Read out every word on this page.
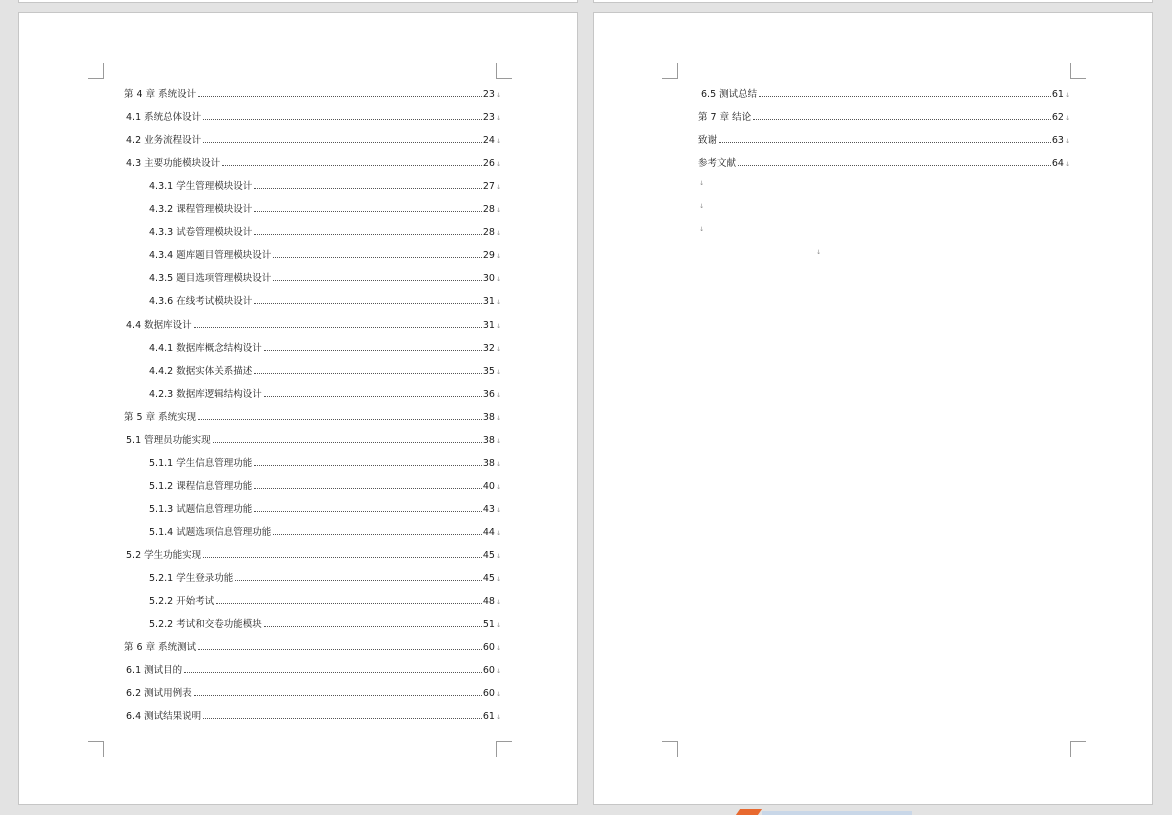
第 4 章 系统设计	23 ↓
4.1 系统总体设计	23 ↓
4.2 业务流程设计	24 ↓
4.3 主要功能模块设计	26 ↓
4.3.1 学生管理模块设计	27 ↓
4.3.2 课程管理模块设计	28 ↓
4.3.3 试卷管理模块设计	28 ↓
4.3.4 题库题目管理模块设计	29 ↓
4.3.5 题目选项管理模块设计	30 ↓
4.3.6 在线考试模块设计	31 ↓
4.4 数据库设计	31 ↓
4.4.1 数据库概念结构设计	32 ↓
4.4.2 数据实体关系描述	35 ↓
4.2.3 数据库逻辑结构设计	36 ↓
第 5 章 系统实现	38 ↓
5.1 管理员功能实现	38 ↓
5.1.1 学生信息管理功能	38 ↓
5.1.2 课程信息管理功能	40 ↓
5.1.3 试题信息管理功能	43 ↓
5.1.4 试题选项信息管理功能	44 ↓
5.2 学生功能实现	45 ↓
5.2.1 学生登录功能	45 ↓
5.2.2 开始考试	48 ↓
5.2.2 考试和交卷功能模块	51 ↓
第 6 章 系统测试	60 ↓
6.1 测试目的	60 ↓
6.2 测试用例表	60 ↓
6.4 测试结果说明	61 ↓
6.5 测试总结	61 ↓
第 7 章 结论	62 ↓
致谢	63 ↓
参考文献	64 ↓
↓
↓
↓
↓
